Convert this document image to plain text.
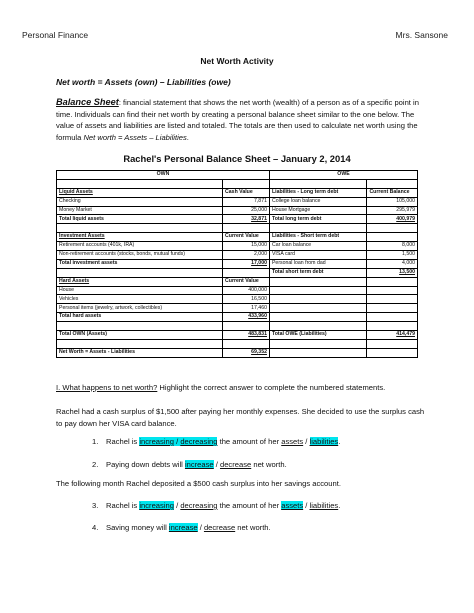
Personal Finance	Mrs. Sansone
Net Worth Activity
Net worth = Assets (own) – Liabilities (owe)
Balance Sheet: financial statement that shows the net worth (wealth) of a person as of a specific point in time. Individuals can find their net worth by creating a personal balance sheet similar to the one below. The value of assets and liabilities are listed and totaled. The totals are then used to calculate net worth using the formula Net worth = Assets – Liabilities.
Rachel's Personal Balance Sheet – January 2, 2014
OWN		OWE	

Liquid Assets	Cash Value	Liabilities - Long term debt	Current Balance
Checking	7,871	College loan balance	105,000
Money Market	25,000	House Mortgage	295,979
Total liquid assets	32,871	Total long term debt	400,979

Investment Assets	Current Value	Liabilities - Short term debt	
Retirement accounts (401k, IRA)	15,000	Car loan balance	8,000
Non-retirement accounts (stocks, bonds, mutual funds)	2,000	VISA card	1,500
Total investment assets	17,000	Personal loan from dad	4,000
		Total short term debt	13,500
Hard Assets	Current Value		
House	400,000		
Vehicles	16,500		
Personal items (jewelry, artwork, collectibles)	17,460		
Total hard assets	433,960		

Total OWN (Assets)	483,831	Total OWE (Liabilities)	414,479

Net Worth = Assets - Liabilities	69,352		
I. What happens to net worth? Highlight the correct answer to complete the numbered statements.
Rachel had a cash surplus of $1,500 after paying her monthly expenses. She decided to use the surplus cash to pay down her VISA card balance.
1. Rachel is increasing / decreasing the amount of her assets / liabilities.
2. Paying down debts will increase / decrease net worth.
The following month Rachel deposited a $500 cash surplus into her savings account.
3. Rachel is increasing / decreasing the amount of her assets / liabilities.
4. Saving money will increase / decrease net worth.
